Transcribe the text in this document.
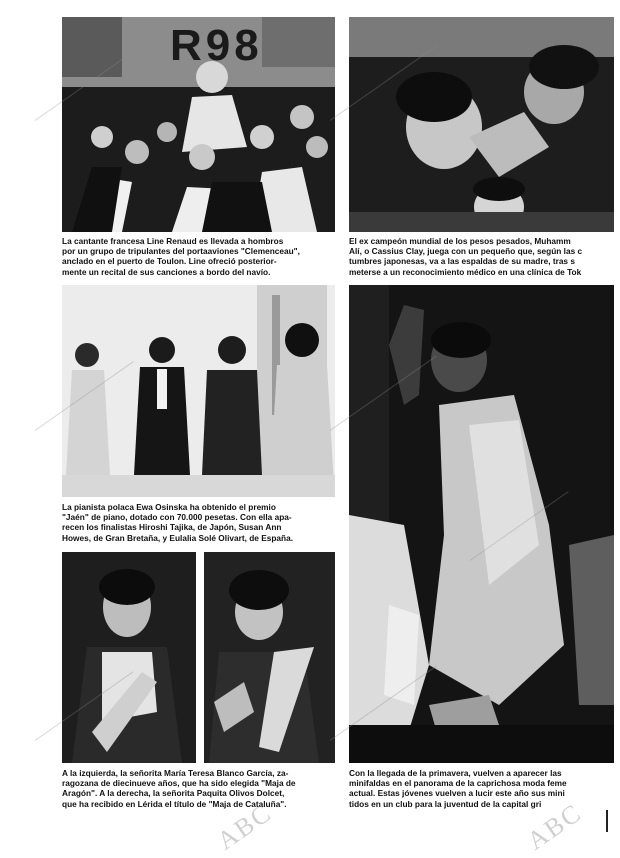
R98

La cantante francesa Line Renaud es llevada a hombros
por un grupo de tripulantes del portaaviones "Clemenceau",
anclado en el puerto de Toulon. Line ofreció posterior-
mente un recital de sus canciones a bordo del navío.

El ex campeón mundial de los pesos pesados, Muhamm
Alí, o Cassius Clay, juega con un pequeño que, según las c
tumbres japonesas, va a las espaldas de su madre, tras s
meterse a un reconocimiento médico en una clínica de Tok

La pianista polaca Ewa Osinska ha obtenido el premio
"Jaén" de piano, dotado con 70.000 pesetas. Con ella apa-
recen los finalistas Hiroshi Tajika, de Japón, Susan Ann
Howes, de Gran Bretaña, y Eulalia Solé Olivart, de España.

A la izquierda, la señorita María Teresa Blanco García, za-
ragozana de diecinueve años, que ha sido elegida "Maja de
Aragón". A la derecha, la señorita Paquita Olivos Dolcet,
que ha recibido en Lérida el título de "Maja de Cataluña".

Con la llegada de la primavera, vuelven a aparecer las
minifaldas en el panorama de la caprichosa moda feme
actual. Estas jóvenes vuelven a lucir este año sus mini
tidos en un club para la juventud de la capital gri

ABC	ABC
